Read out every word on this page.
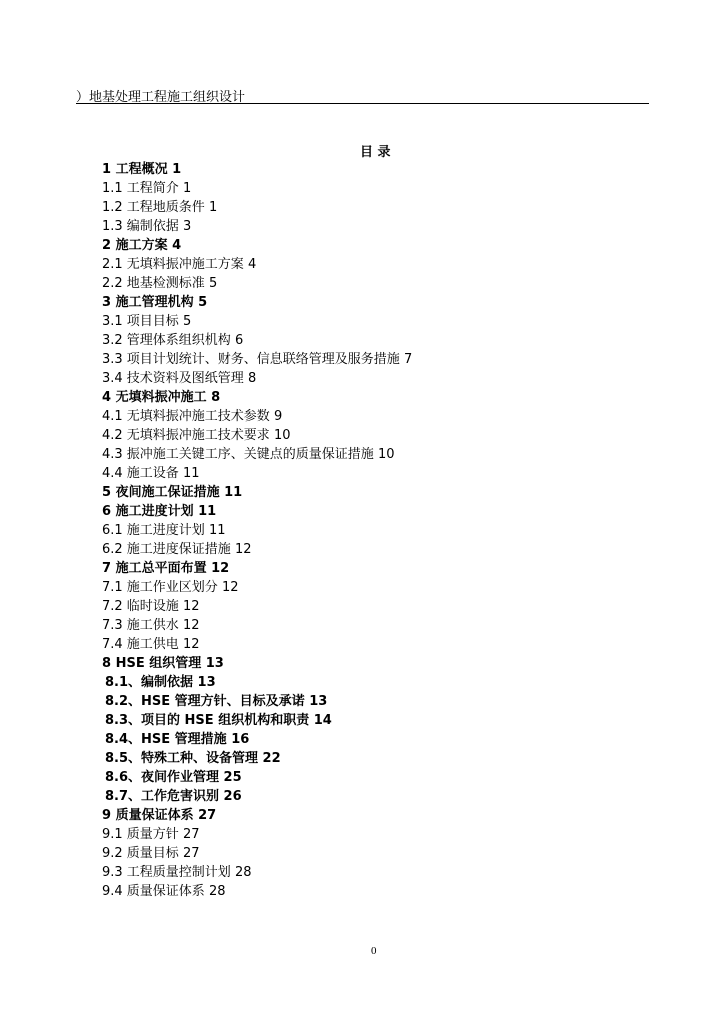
）地基处理工程施工组织设计
目 录
1 工程概况 1
1.1 工程简介 1
1.2 工程地质条件 1
1.3 编制依据 3
2 施工方案 4
2.1 无填料振冲施工方案 4
2.2 地基检测标准 5
3 施工管理机构 5
3.1 项目目标 5
3.2 管理体系组织机构 6
3.3 项目计划统计、财务、信息联络管理及服务措施 7
3.4 技术资料及图纸管理 8
4 无填料振冲施工 8
4.1 无填料振冲施工技术参数 9
4.2 无填料振冲施工技术要求 10
4.3 振冲施工关键工序、关键点的质量保证措施 10
4.4 施工设备 11
5 夜间施工保证措施 11
6 施工进度计划 11
6.1 施工进度计划 11
6.2 施工进度保证措施 12
7 施工总平面布置 12
7.1 施工作业区划分 12
7.2 临时设施 12
7.3 施工供水 12
7.4 施工供电 12
8 HSE 组织管理 13
8.1、编制依据 13
8.2、HSE 管理方针、目标及承诺 13
8.3、项目的 HSE 组织机构和职责 14
8.4、HSE 管理措施 16
8.5、特殊工种、设备管理 22
8.6、夜间作业管理 25
8.7、工作危害识别 26
9 质量保证体系 27
9.1 质量方针 27
9.2 质量目标 27
9.3 工程质量控制计划 28
9.4 质量保证体系 28
0
